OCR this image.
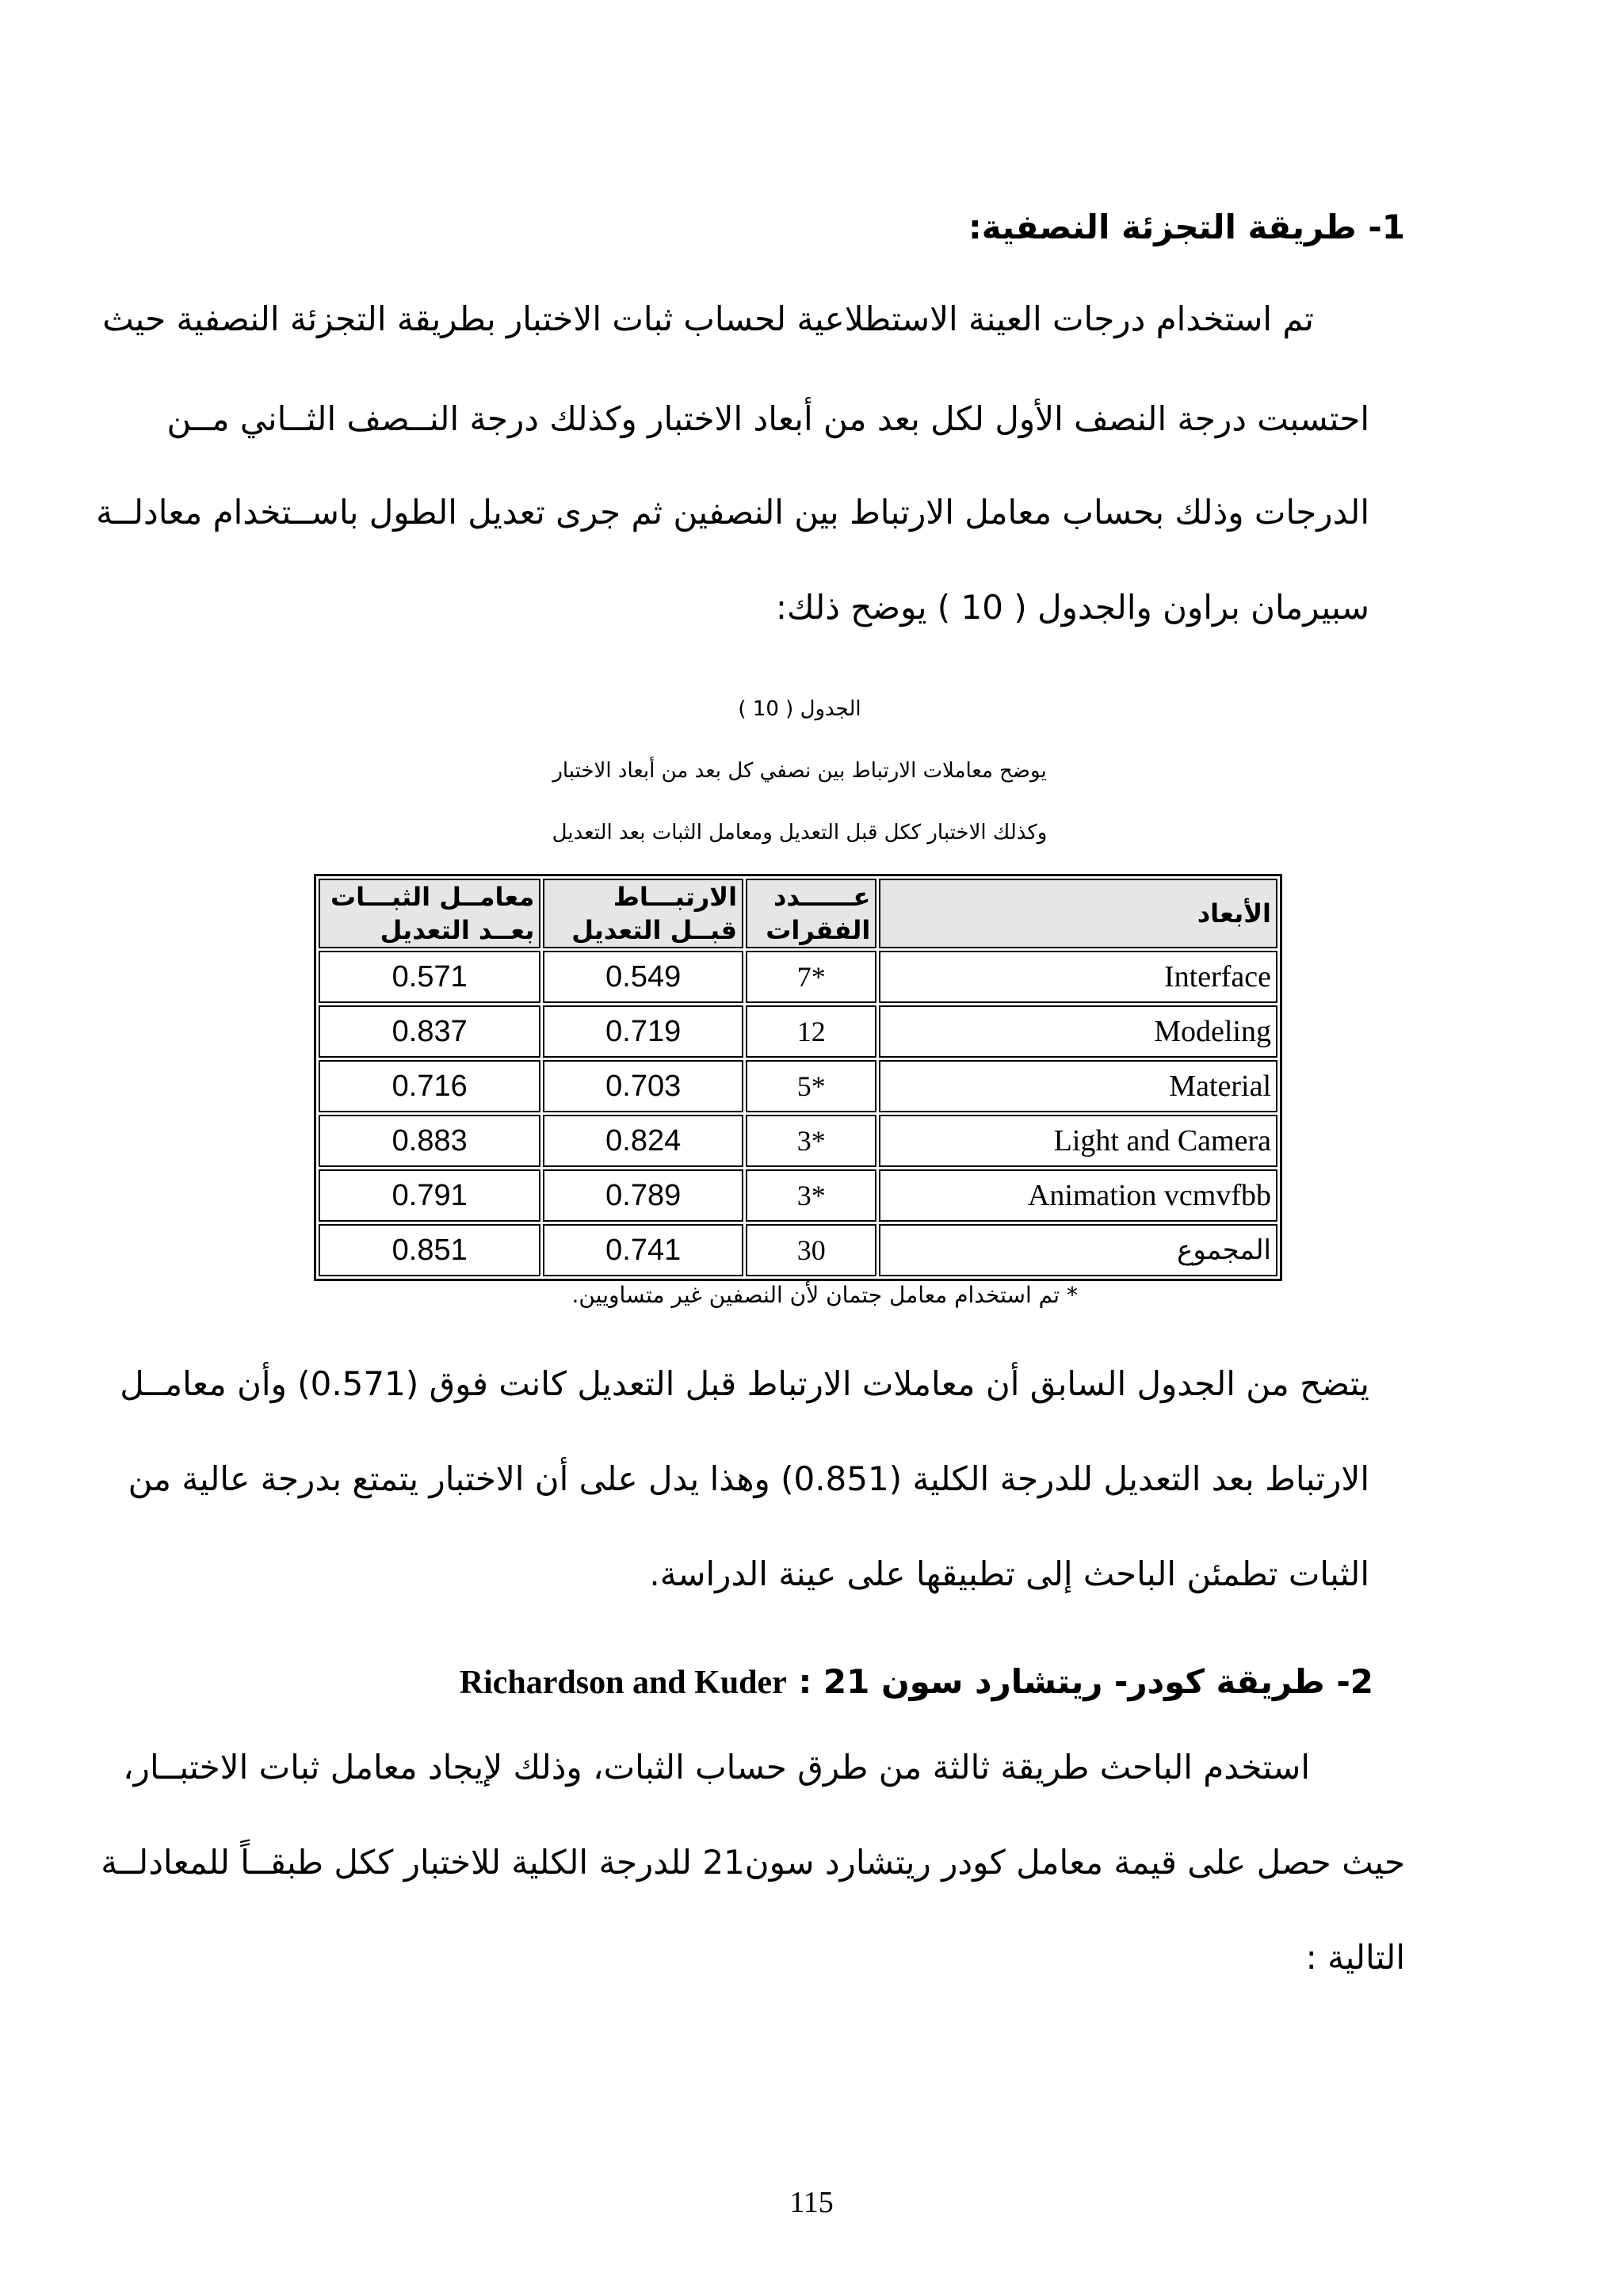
1- طريقة التجزئة النصفية:
تم استخدام درجات العينة الاستطلاعية لحساب ثبات الاختبار بطريقة التجزئة النصفية حيث
احتسبت درجة النصف الأول لكل بعد من أبعاد الاختبار وكذلك درجة النــصف الثــاني مــن
الدرجات وذلك بحساب معامل الارتباط بين النصفين ثم جرى تعديل الطول باســتخدام معادلــة
سبيرمان براون والجدول ( 10 ) يوضح ذلك:
الجدول ( 10 )
يوضح معاملات الارتباط بين نصفي كل بعد من أبعاد الاختبار
وكذلك الاختبار ككل قبل التعديل ومعامل الثبات بعد التعديل
الأبعاد	عــــــدد الفقرات	الارتبـــاط قبــل التعديل	معامــل الثبـــات بعــد التعديل
Interface	*7	0.549	0.571
Modeling	12	0.719	0.837
Material	*5	0.703	0.716
Light and Camera	*3	0.824	0.883
Animation vcmvfbb	*3	0.789	0.791
المجموع	30	0.741	0.851
* تم استخدام معامل جتمان لأن النصفين غير متساويين.
يتضح من الجدول السابق أن معاملات الارتباط قبل التعديل كانت فوق (0.571) وأن معامــل
الارتباط بعد التعديل للدرجة الكلية (0.851) وهذا يدل على أن الاختبار يتمتع بدرجة عالية من
الثبات تطمئن الباحث إلى تطبيقها على عينة الدراسة.
2- طريقة كودر- ريتشارد سون 21 : Richardson and Kuder
استخدم الباحث طريقة ثالثة من طرق حساب الثبات، وذلك لإيجاد معامل ثبات الاختبــار،
حيث حصل على قيمة معامل كودر ريتشارد سون21 للدرجة الكلية للاختبار ككل طبقــاً للمعادلــة
التالية :
115
